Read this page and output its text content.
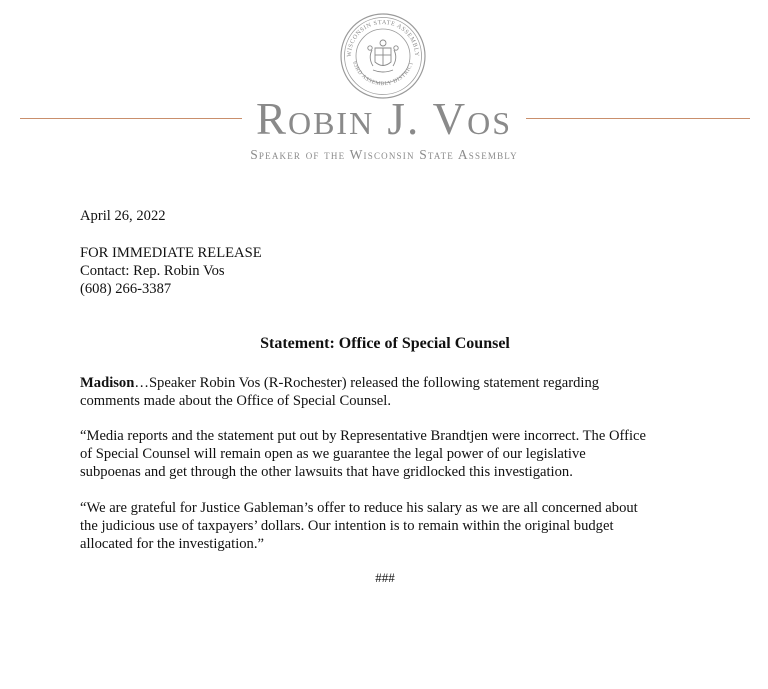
WISCONSIN STATE ASSEMBLY
63RD ASSEMBLY DISTRICT
Robin J. Vos
Speaker of the Wisconsin State Assembly
April 26, 2022
FOR IMMEDIATE RELEASE
Contact: Rep. Robin Vos
(608) 266-3387
Statement: Office of Special Counsel
Madison…Speaker Robin Vos (R-Rochester) released the following statement regarding
comments made about the Office of Special Counsel.
“Media reports and the statement put out by Representative Brandtjen were incorrect. The Office
of Special Counsel will remain open as we guarantee the legal power of our legislative
subpoenas and get through the other lawsuits that have gridlocked this investigation.
“We are grateful for Justice Gableman’s offer to reduce his salary as we are all concerned about
the judicious use of taxpayers’ dollars. Our intention is to remain within the original budget
allocated for the investigation.”
###
